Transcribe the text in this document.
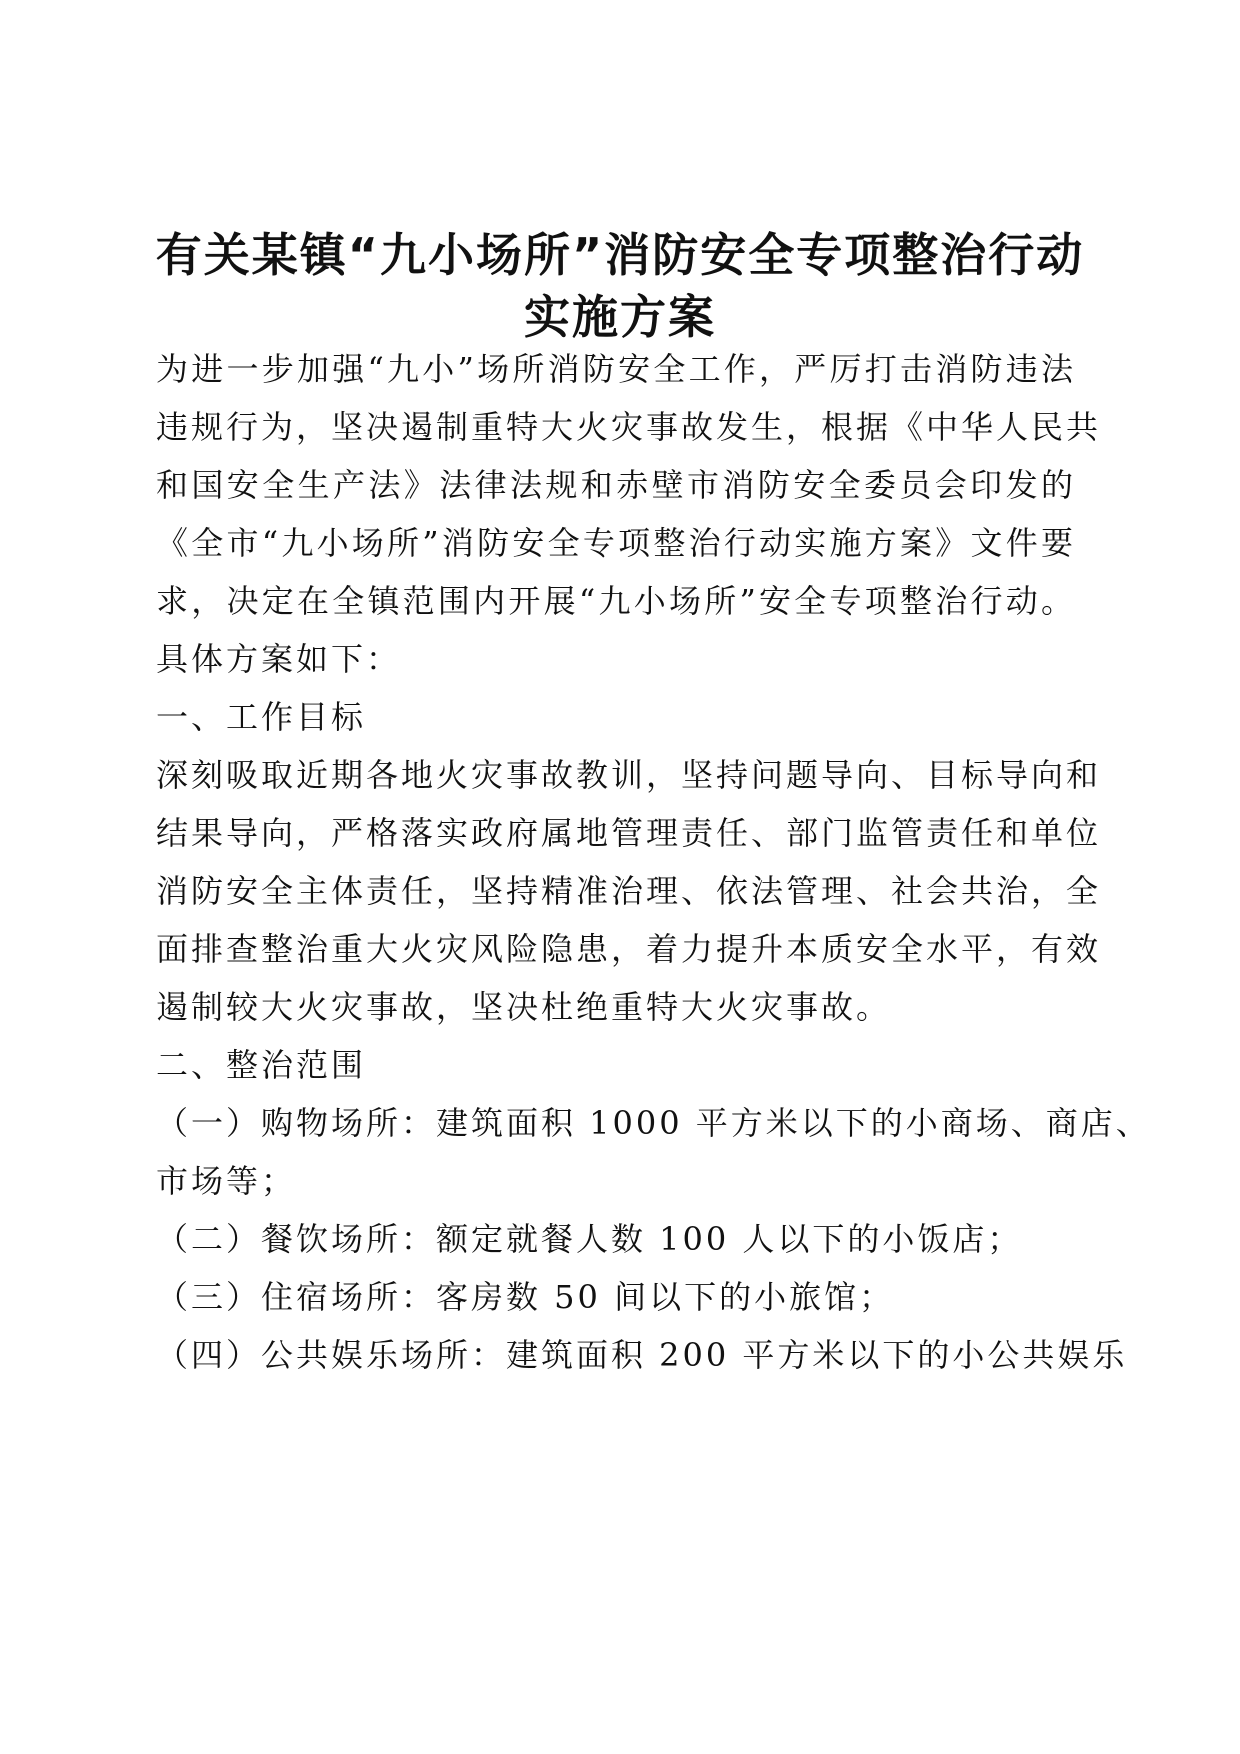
有关某镇“九小场所”消防安全专项整治行动
实施方案
为进一步加强“九小”场所消防安全工作，严厉打击消防违法
违规行为，坚决遏制重特大火灾事故发生，根据《中华人民共
和国安全生产法》法律法规和赤壁市消防安全委员会印发的
《全市“九小场所”消防安全专项整治行动实施方案》文件要
求，决定在全镇范围内开展“九小场所”安全专项整治行动。
具体方案如下：
一、工作目标
深刻吸取近期各地火灾事故教训，坚持问题导向、目标导向和
结果导向，严格落实政府属地管理责任、部门监管责任和单位
消防安全主体责任，坚持精准治理、依法管理、社会共治，全
面排查整治重大火灾风险隐患，着力提升本质安全水平，有效
遏制较大火灾事故，坚决杜绝重特大火灾事故。
二、整治范围
（一）购物场所：建筑面积 1000 平方米以下的小商场、商店、
市场等；
（二）餐饮场所：额定就餐人数 100 人以下的小饭店；
（三）住宿场所：客房数 50 间以下的小旅馆；
（四）公共娱乐场所：建筑面积 200 平方米以下的小公共娱乐
